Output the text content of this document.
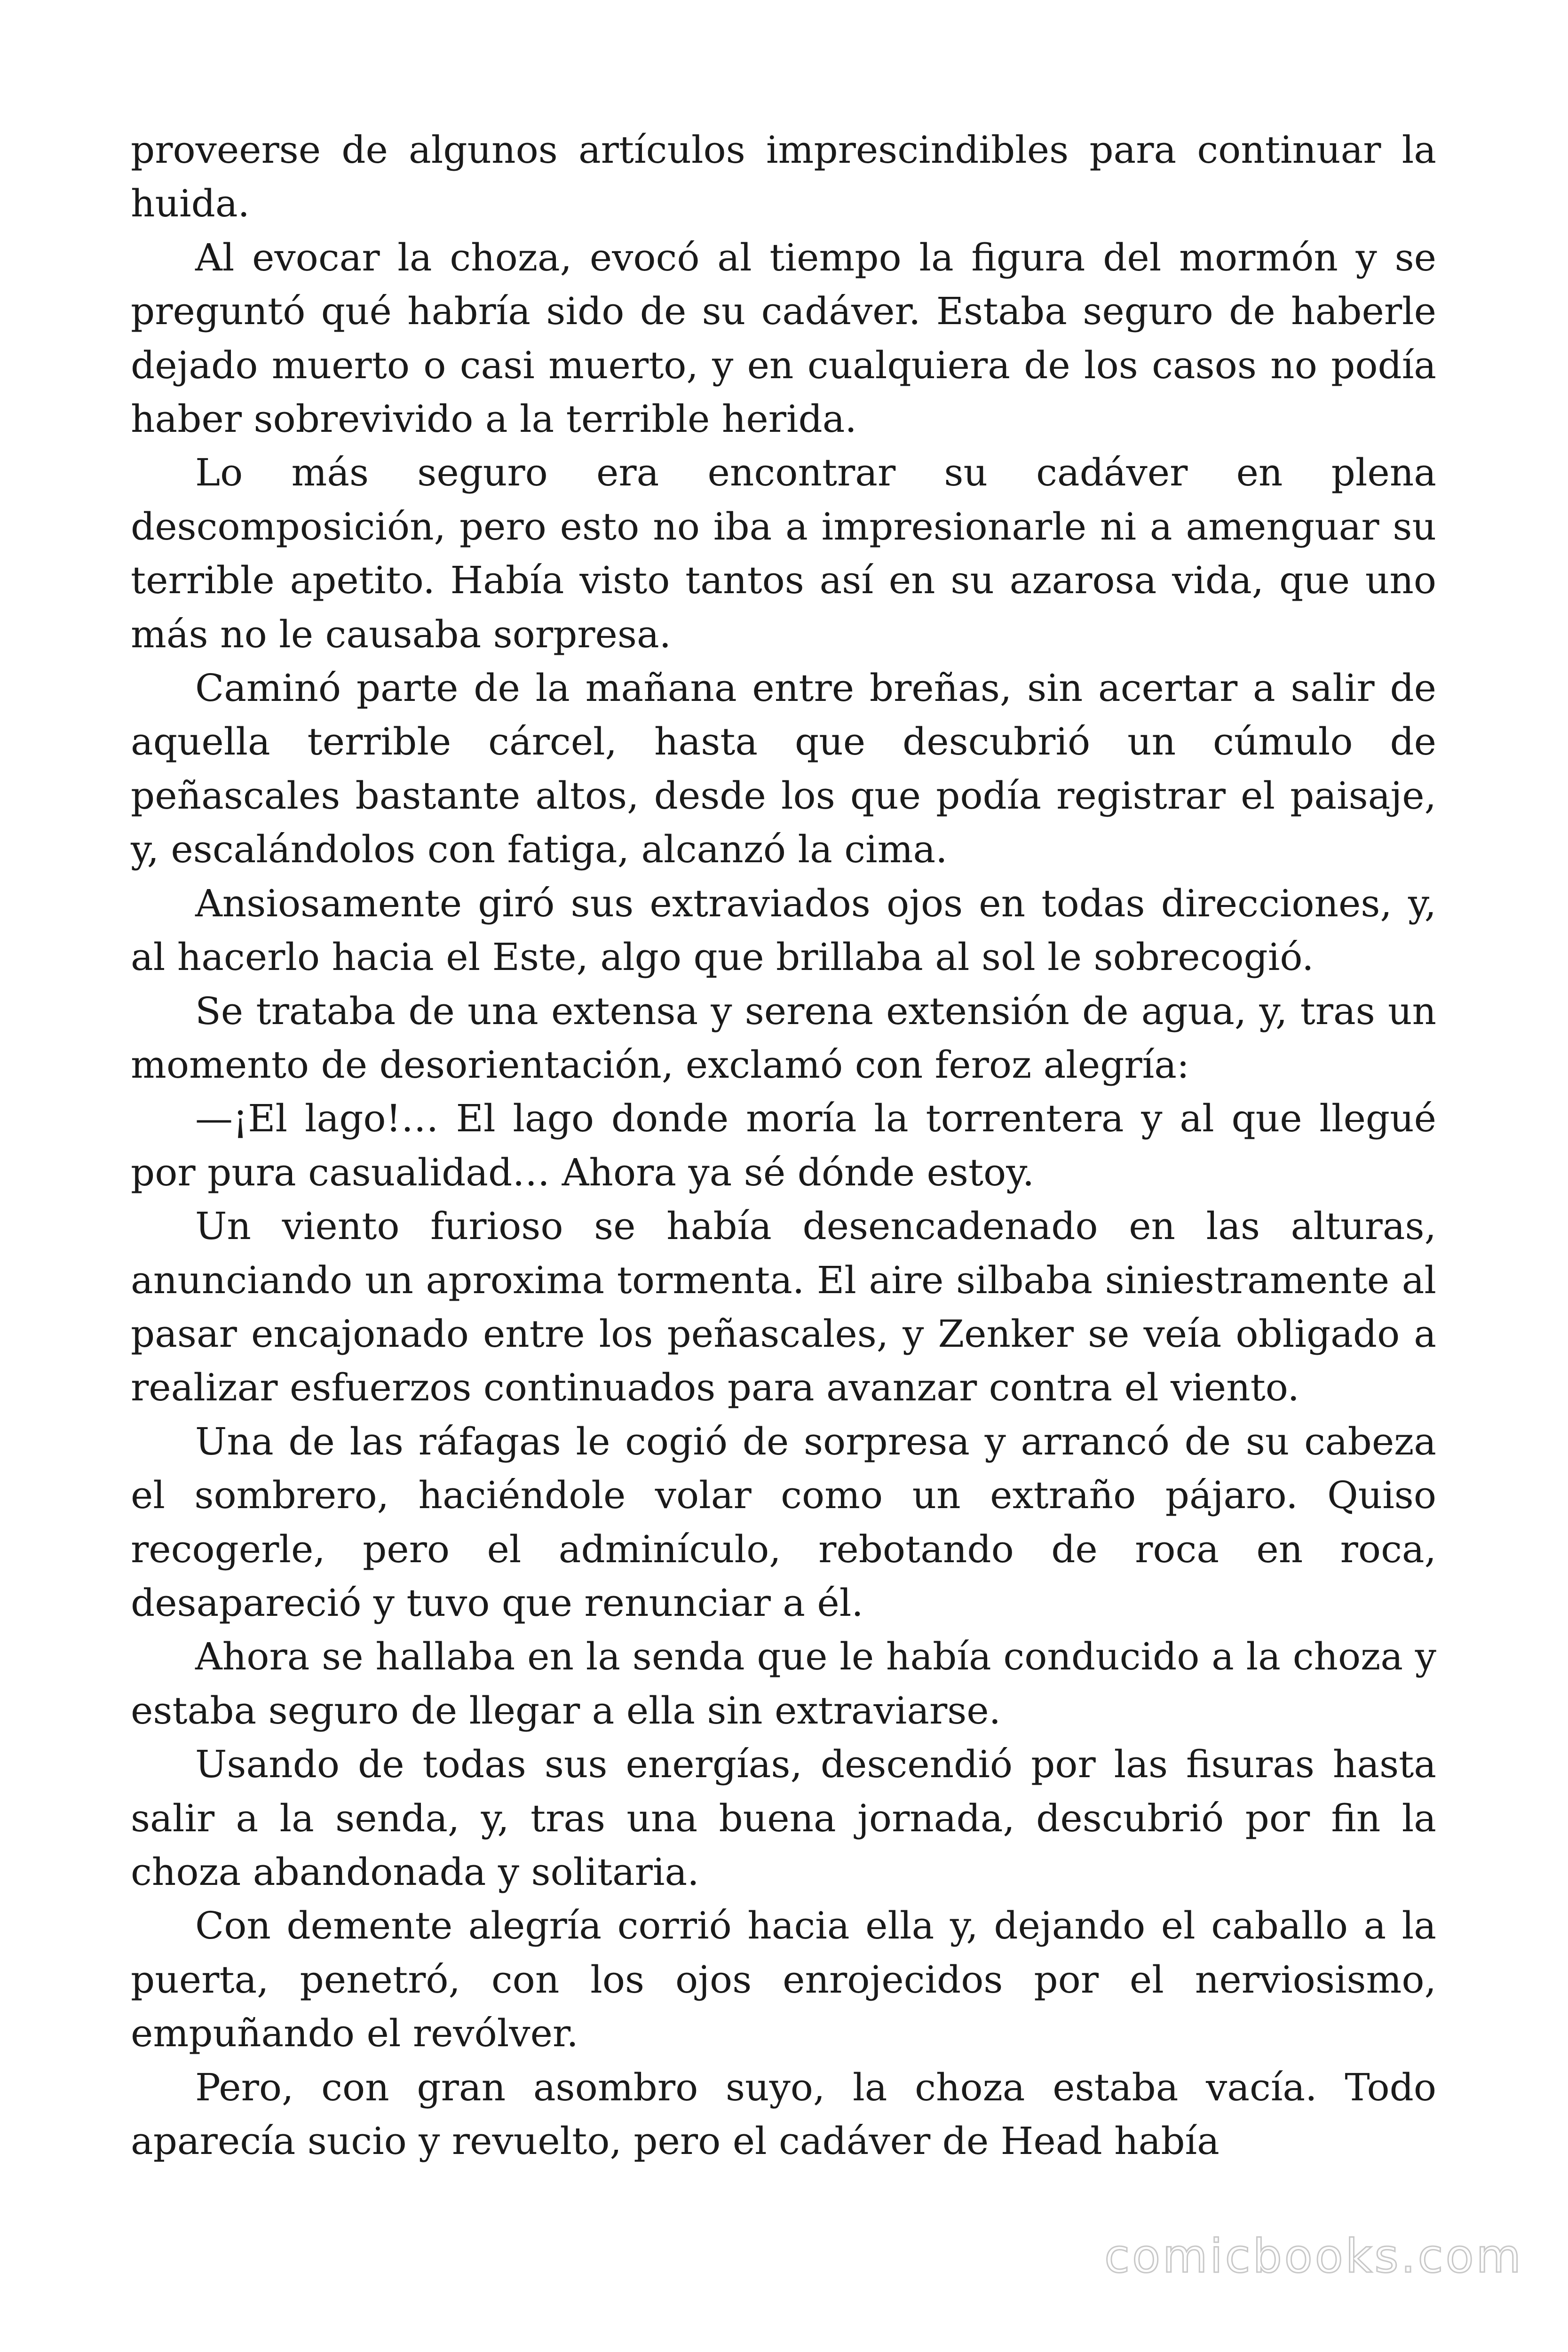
proveerse de algunos artículos imprescindibles para continuar la huida.

Al evocar la choza, evocó al tiempo la figura del mormón y se preguntó qué habría sido de su cadáver. Estaba seguro de haberle dejado muerto o casi muerto, y en cualquiera de los casos no podía haber sobrevivido a la terrible herida.

Lo más seguro era encontrar su cadáver en plena descomposición, pero esto no iba a impresionarle ni a amenguar su terrible apetito. Había visto tantos así en su azarosa vida, que uno más no le causaba sorpresa.

Caminó parte de la mañana entre breñas, sin acertar a salir de aquella terrible cárcel, hasta que descubrió un cúmulo de peñascales bastante altos, desde los que podía registrar el paisaje, y, escalándolos con fatiga, alcanzó la cima.

Ansiosamente giró sus extraviados ojos en todas direcciones, y, al hacerlo hacia el Este, algo que brillaba al sol le sobrecogió.

Se trataba de una extensa y serena extensión de agua, y, tras un momento de desorientación, exclamó con feroz alegría:

—¡El lago!… El lago donde moría la torrentera y al que llegué por pura casualidad… Ahora ya sé dónde estoy.

Un viento furioso se había desencadenado en las alturas, anunciando un aproxima tormenta. El aire silbaba siniestramente al pasar encajonado entre los peñascales, y Zenker se veía obligado a realizar esfuerzos continuados para avanzar contra el viento.

Una de las ráfagas le cogió de sorpresa y arrancó de su cabeza el sombrero, haciéndole volar como un extraño pájaro. Quiso recogerle, pero el adminículo, rebotando de roca en roca, desapareció y tuvo que renunciar a él.

Ahora se hallaba en la senda que le había conducido a la choza y estaba seguro de llegar a ella sin extraviarse.

Usando de todas sus energías, descendió por las fisuras hasta salir a la senda, y, tras una buena jornada, descubrió por fin la choza abandonada y solitaria.

Con demente alegría corrió hacia ella y, dejando el caballo a la puerta, penetró, con los ojos enrojecidos por el nerviosismo, empuñando el revólver.

Pero, con gran asombro suyo, la choza estaba vacía. Todo aparecía sucio y revuelto, pero el cadáver de Head había

comicbooks.com
